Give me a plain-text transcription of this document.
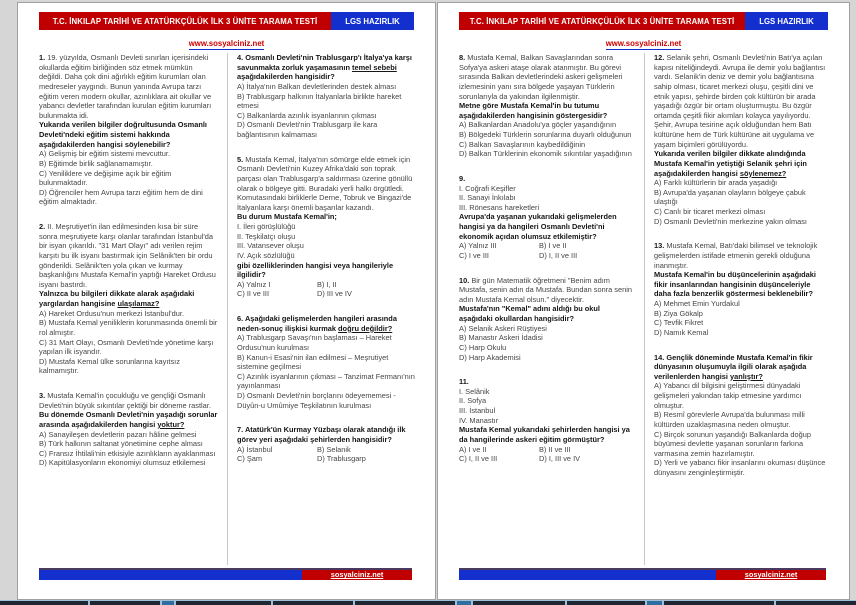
T.C. İNKILAP TARİHİ VE ATATÜRKÇÜLÜK İLK 3 ÜNİTE TARAMA TESTİ	LGS HAZIRLIK
www.sosyalciniz.net

1. 19. yüzyılda, Osmanlı Devleti sınırları içerisindeki okullarda eğitim birliğinden söz etmek mümkün değildi. Daha çok dini ağırlıklı eğitim kurumları olan medreseler yaygındı. Bunun yanında Avrupa tarzı eğitim veren modern okullar, azınlıklara ait okullar ve yabancı devletler tarafından kurulan eğitim kurumları bulunmakta idi.

Yukarıda verilen bilgiler doğrultusunda Osmanlı Devleti'ndeki eğitim sistemi hakkında aşağıdakilerden hangisi söylenebilir?

A) Gelişmiş bir eğitim sistemi mevcuttur.

B) Eğitimde birlik sağlanamamıştır.

C) Yeniliklere ve değişime açık bir eğitim bulunmaktadır.

D) Öğrenciler hem Avrupa tarzı eğitim hem de dini eğitim almaktadır.

2. II. Meşrutiyet'in ilan edilmesinden kısa bir süre sonra meşrutiyete karşı olanlar tarafından İstanbul'da bir isyan çıkarıldı. "31 Mart Olayı" adı verilen rejim karşıtı bu ilk isyanı bastırmak için Selânik'ten bir ordu gönderildi. Selânik'ten yola çıkan ve kurmay başkanlığını Mustafa Kemal'in yaptığı Hareket Ordusu isyanı bastırdı.

Yalnızca bu bilgileri dikkate alarak aşağıdaki yargılardan hangisine ulaşılamaz?

A) Hareket Ordusu'nun merkezi İstanbul'dur.

B) Mustafa Kemal yeniliklerin korunmasında önemli bir rol almıştır.

C) 31 Mart Olayı, Osmanlı Devleti'nde yönetime karşı yapılan ilk isyandır.

D) Mustafa Kemal ülke sorunlarına kayıtsız kalmamıştır.

3. Mustafa Kemal'in çocukluğu ve gençliği Osmanlı Devleti'nin büyük sıkıntılar çektiği bir döneme rastlar.

Bu dönemde Osmanlı Devleti'nin yaşadığı sorunlar arasında aşağıdakilerden hangisi yoktur?

A) Sanayileşen devletlerin pazarı hâline gelmesi

B) Türk halkının saltanat yönetimine cephe alması

C) Fransız İhtilali'nin etkisiyle azınlıkların ayaklanması

D) Kapitülasyonların ekonomiyi olumsuz etkilemesi

4. Osmanlı Devleti'nin Trablusgarp'ı İtalya'ya karşı savunmakta zorluk yaşamasının temel sebebi aşağıdakilerden hangisidir?

A) İtalya'nın Balkan devletlerinden destek alması

B) Trablusgarp halkının İtalyanlarla birlikte hareket etmesi

C) Balkanlarda azınlık isyanlarının çıkması

D) Osmanlı Devleti'nin Trablusgarp ile kara bağlantısının kalmaması

5. Mustafa Kemal, İtalya'nın sömürge elde etmek için Osmanlı Devleti'nin Kuzey Afrika'daki son toprak parçası olan Trablusgarp'a saldırması üzerine gönüllü olarak o bölgeye gitti. Buradaki yerli halkı örgütledi. Komutasındaki birliklerle Derne, Tobruk ve Bingazi'de İtalyanlara karşı önemli başarılar kazandı.

Bu durum Mustafa Kemal'in;

I. İleri görüşlülüğü

II. Teşkilatçı oluşu

III. Vatansever oluşu

IV. Açık sözlülüğü

gibi özelliklerinden hangisi veya hangileriyle ilgilidir?

A) Yalnız I	B) I, II
C) II ve III	D) III ve IV

6. Aşağıdaki gelişmelerden hangileri arasında neden-sonuç ilişkisi kurmak doğru değildir?

A) Trablusgarp Savaşı'nın başlaması – Hareket Ordusu'nun kurulması

B) Kanun-i Esasi'nin ilan edilmesi – Meşrutiyet sistemine geçilmesi

C) Azınlık isyanlarının çıkması – Tanzimat Fermanı'nın yayınlanması

D) Osmanlı Devleti'nin borçlarını ödeyememesi - Düyûn-u Umûmiye Teşkilatının kurulması

7. Atatürk'ün Kurmay Yüzbaşı olarak atandığı ilk görev yeri aşağıdaki şehirlerden hangisidir?

A) İstanbul	B) Selanik
C) Şam	D) Trablusgarp
sosyalciniz.net
T.C. İNKILAP TARİHİ VE ATATÜRKÇÜLÜK İLK 3 ÜNİTE TARAMA TESTİ	LGS HAZIRLIK
www.sosyalciniz.net

8. Mustafa Kemal, Balkan Savaşlarından sonra Sofya'ya askeri ataşe olarak atanmıştır. Bu görevi sırasında Balkan devletlerindeki askeri gelişmeleri izlemesinin yanı sıra bölgede yaşayan Türklerin sorunlarıyla da yakından ilgilenmiştir.

Metne göre Mustafa Kemal'in bu tutumu aşağıdakilerden hangisinin göstergesidir?

A) Balkanlardan Anadolu'ya göçler yaşandığının

B) Bölgedeki Türklerin sorunlarına duyarlı olduğunun

C) Balkan Savaşlarının kaybedildiğinin

D) Balkan Türklerinin ekonomik sıkıntılar yaşadığının

9.

I. Coğrafi Keşifler

II. Sanayi İnkılabı

III. Rönesans hareketleri

Avrupa'da yaşanan yukarıdaki gelişmelerden hangisi ya da hangileri Osmanlı Devleti'ni ekonomik açıdan olumsuz etkilemiştir?

A) Yalnız III	B) I ve II
C) I ve III	D) I, II ve III

10. Bir gün Matematik öğretmeni "Benim adım Mustafa, senin adın da Mustafa. Bundan sonra senin adın Mustafa Kemal olsun." diyecektir.

Mustafa'nın "Kemal" adını aldığı bu okul aşağıdaki okullardan hangisidir?

A) Selanik Askeri Rüştiyesi

B) Manastır Askeri İdadisi

C) Harp Okulu

D) Harp Akademisi

11.

I. Selânik

II. Sofya

III. İstanbul

IV. Manastır

Mustafa Kemal yukarıdaki şehirlerden hangisi ya da hangilerinde askeri eğitim görmüştür?

A) I ve II	B) II ve III
C) I, II ve III	D) I, III ve IV

12. Selanik şehri, Osmanlı Devleti'nin Batı'ya açılan kapısı niteliğindeydi. Avrupa ile demir yolu bağlantısı vardı. Selanik'in deniz ve demir yolu bağlantısına sahip olması, ticaret merkezi oluşu, çeşitli dini ve etnik yapısı, şehirde birden çok kültürün bir arada yaşadığı özgür bir ortam oluşturmuştu. Bu özgür ortamda çeşitli fikir akımları kolayca yayılıyordu. Şehir, Avrupa tesirine açık olduğundan hem Batı kültürüne hem de Türk kültürüne ait uygulama ve yaşam biçimleri görülüyordu.

Yukarıda verilen bilgiler dikkate alındığında Mustafa Kemal'in yetiştiği Selanik şehri için aşağıdakilerden hangisi söylenemez?

A) Farklı kültürlerin bir arada yaşadığı

B) Avrupa'da yaşanan olayların bölgeye çabuk ulaştığı

C) Canlı bir ticaret merkezi olması

D) Osmanlı Devleti'nin merkezine yakın olması

13. Mustafa Kemal, Batı'daki bilimsel ve teknolojik gelişmelerden istifade etmenin gerekli olduğuna inanmıştır.

Mustafa Kemal'in bu düşüncelerinin aşağıdaki fikir insanlarından hangisinin düşünceleriyle daha fazla benzerlik göstermesi beklenebilir?

A) Mehmet Emin Yurdakul

B) Ziya Gökalp

C) Tevfik Fikret

D) Namık Kemal

14. Gençlik döneminde Mustafa Kemal'in fikir dünyasının oluşumuyla ilgili olarak aşağıda verilenlerden hangisi yanlıştır?

A) Yabancı dil bilgisini geliştirmesi dünyadaki gelişmeleri yakından takip etmesine yardımcı olmuştur.

B) Resmî görevlerle Avrupa'da bulunması milli kültürden uzaklaşmasına neden olmuştur.

C) Birçok sorunun yaşandığı Balkanlarda doğup büyümesi devlette yaşanan sorunların farkına varmasına zemin hazırlamıştır.

D) Yerli ve yabancı fikir insanlarını okuması düşünce dünyasını zenginleştirmiştir.

sosyalciniz.net
